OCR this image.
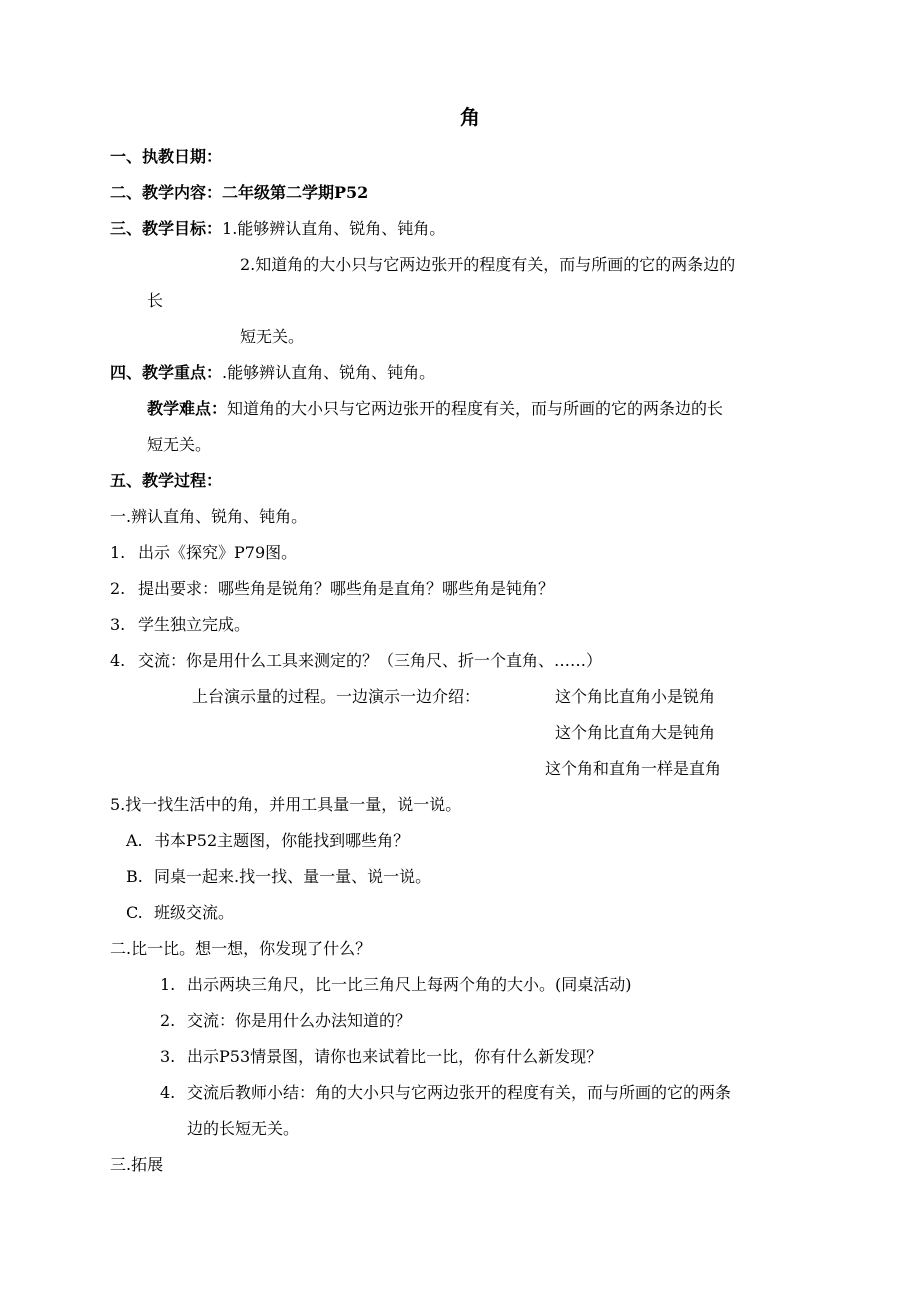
角
一、执教日期：
二、教学内容：二年级第二学期P52
三、教学目标：1.能够辨认直角、锐角、钝角。
2.知道角的大小只与它两边张开的程度有关，而与所画的它的两条边的
长
短无关。
四、教学重点：.能够辨认直角、锐角、钝角。
教学难点：知道角的大小只与它两边张开的程度有关，而与所画的它的两条边的长
短无关。
五、教学过程：
一.辨认直角、锐角、钝角。
1. 出示《探究》P79图。
2. 提出要求：哪些角是锐角？哪些角是直角？哪些角是钝角？
3. 学生独立完成。
4. 交流：你是用什么工具来测定的？（三角尺、折一个直角、……）
上台演示量的过程。一边演示一边介绍：	这个角比直角小是锐角
这个角比直角大是钝角
这个角和直角一样是直角
5.找一找生活中的角，并用工具量一量，说一说。
A. 书本P52主题图，你能找到哪些角？
B. 同桌一起来.找一找、量一量、说一说。
C. 班级交流。
二.比一比。想一想，你发现了什么？
1. 出示两块三角尺，比一比三角尺上每两个角的大小。(同桌活动)
2. 交流：你是用什么办法知道的？
3. 出示P53情景图，请你也来试着比一比，你有什么新发现？
4. 交流后教师小结：角的大小只与它两边张开的程度有关，而与所画的它的两条
边的长短无关。
三.拓展
